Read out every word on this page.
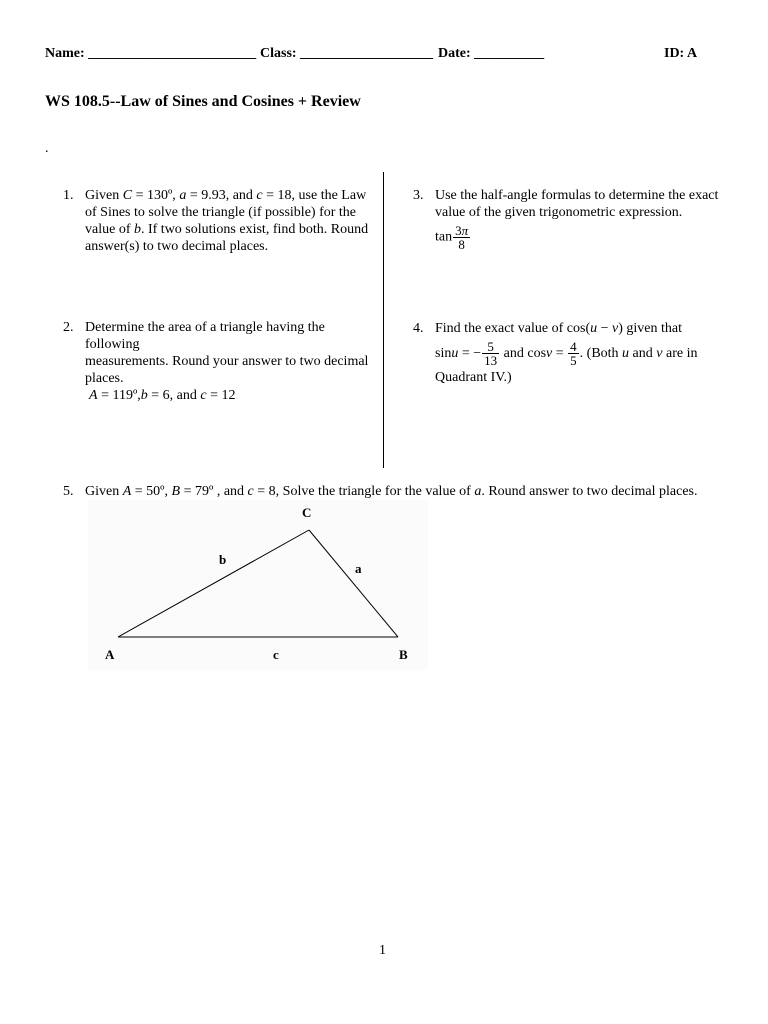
Name: ________________________ Class: ___________________ Date: __________	ID: A
WS 108.5--Law of Sines and Cosines + Review
.
1. Given C = 130º, a = 9.93, and c = 18, use the Law
of Sines to solve the triangle (if possible) for the
value of b. If two solutions exist, find both. Round
answer(s) to two decimal places.
2. Determine the area of a triangle having the following
measurements. Round your answer to two decimal
places.
A = 119º,b = 6, and c = 12
3. Use the half-angle formulas to determine the exact
value of the given trigonometric expression.
$\tan \frac{3\pi}{8}$
4. Find the exact value of cos(u − v) given that
sinu = − $\frac{5}{13}$ and $\cos v = \frac{4}{5}$ . (Both u and v are in
Quadrant IV.)
5. Given A = 50º, B = 79º , and c = 8, Solve the triangle for the value of a. Round answer to two decimal places.
C
b
a
A	c	B
1
